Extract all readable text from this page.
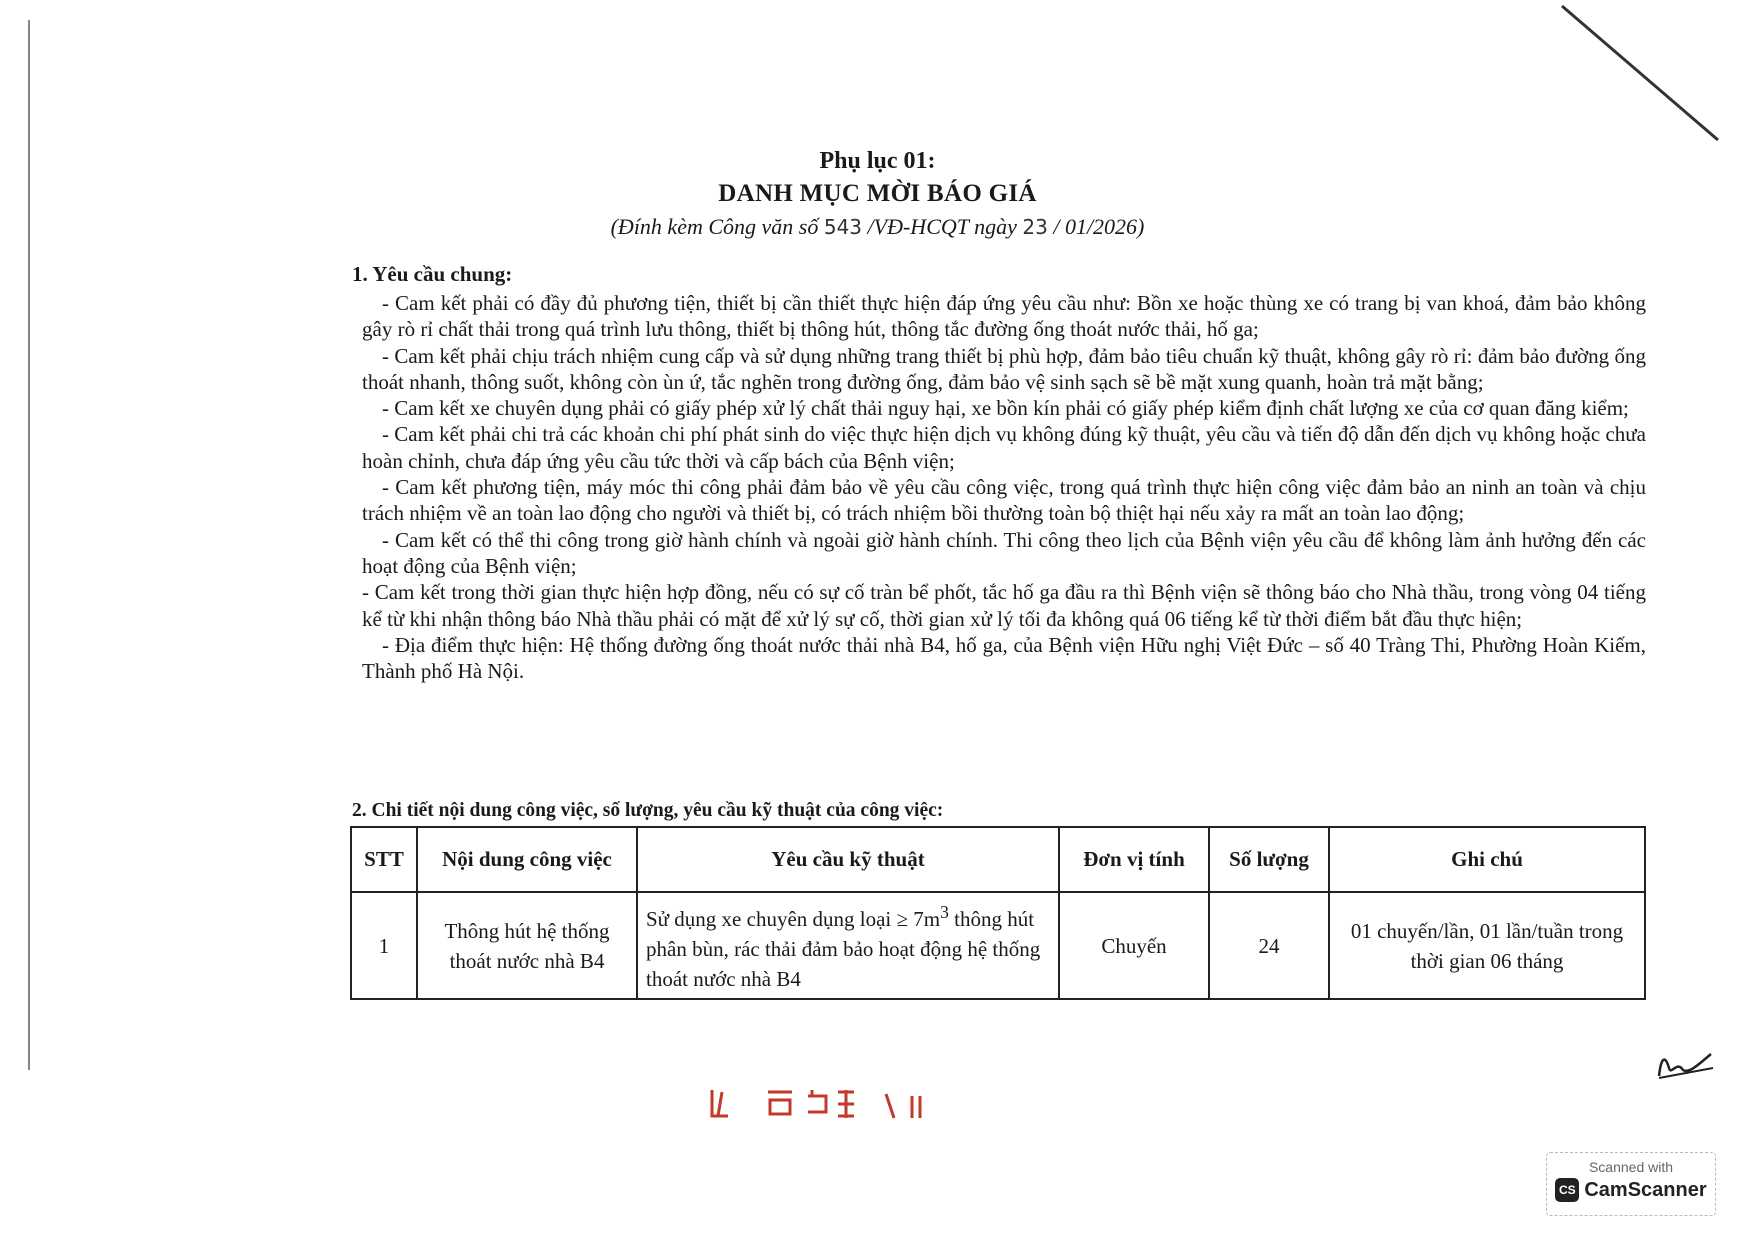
Phụ lục 01:
DANH MỤC MỜI BÁO GIÁ
(Đính kèm Công văn số 543 /VĐ-HCQT ngày 23 / 01/2026)
1. Yêu cầu chung:

- Cam kết phải có đầy đủ phương tiện, thiết bị cần thiết thực hiện đáp ứng yêu cầu như: Bồn xe hoặc thùng xe có trang bị van khoá, đảm bảo không gây rò rỉ chất thải trong quá trình lưu thông, thiết bị thông hút, thông tắc đường ống thoát nước thải, hố ga;

- Cam kết phải chịu trách nhiệm cung cấp và sử dụng những trang thiết bị phù hợp, đảm bảo tiêu chuẩn kỹ thuật, không gây rò rỉ: đảm bảo đường ống thoát nhanh, thông suốt, không còn ùn ứ, tắc nghẽn trong đường ống, đảm bảo vệ sinh sạch sẽ bề mặt xung quanh, hoàn trả mặt bằng;

- Cam kết xe chuyên dụng phải có giấy phép xử lý chất thải nguy hại, xe bồn kín phải có giấy phép kiểm định chất lượng xe của cơ quan đăng kiểm;

- Cam kết phải chi trả các khoản chi phí phát sinh do việc thực hiện dịch vụ không đúng kỹ thuật, yêu cầu và tiến độ dẫn đến dịch vụ không hoặc chưa hoàn chỉnh, chưa đáp ứng yêu cầu tức thời và cấp bách của Bệnh viện;

- Cam kết phương tiện, máy móc thi công phải đảm bảo về yêu cầu công việc, trong quá trình thực hiện công việc đảm bảo an ninh an toàn và chịu trách nhiệm về an toàn lao động cho người và thiết bị, có trách nhiệm bồi thường toàn bộ thiệt hại nếu xảy ra mất an toàn lao động;

- Cam kết có thể thi công trong giờ hành chính và ngoài giờ hành chính. Thi công theo lịch của Bệnh viện yêu cầu để không làm ảnh hưởng đến các hoạt động của Bệnh viện;

- Cam kết trong thời gian thực hiện hợp đồng, nếu có sự cố tràn bể phốt, tắc hố ga đầu ra thì Bệnh viện sẽ thông báo cho Nhà thầu, trong vòng 04 tiếng kể từ khi nhận thông báo Nhà thầu phải có mặt để xử lý sự cố, thời gian xử lý tối đa không quá 06 tiếng kể từ thời điểm bắt đầu thực hiện;

- Địa điểm thực hiện: Hệ thống đường ống thoát nước thải nhà B4, hố ga, của Bệnh viện Hữu nghị Việt Đức – số 40 Tràng Thi, Phường Hoàn Kiếm, Thành phố Hà Nội.

2. Chi tiết nội dung công việc, số lượng, yêu cầu kỹ thuật của công việc:
STT	Nội dung công việc	Yêu cầu kỹ thuật	Đơn vị tính	Số lượng	Ghi chú
1	Thông hút hệ thống thoát nước nhà B4	Sử dụng xe chuyên dụng loại ≥ $7m^3$ thông hút phân bùn, rác thải đảm bảo hoạt động hệ thống thoát nước nhà B4	Chuyến	24	01 chuyến/lần, 01 lần/tuần trong thời gian 06 tháng
Scanned with
CS CamScanner
